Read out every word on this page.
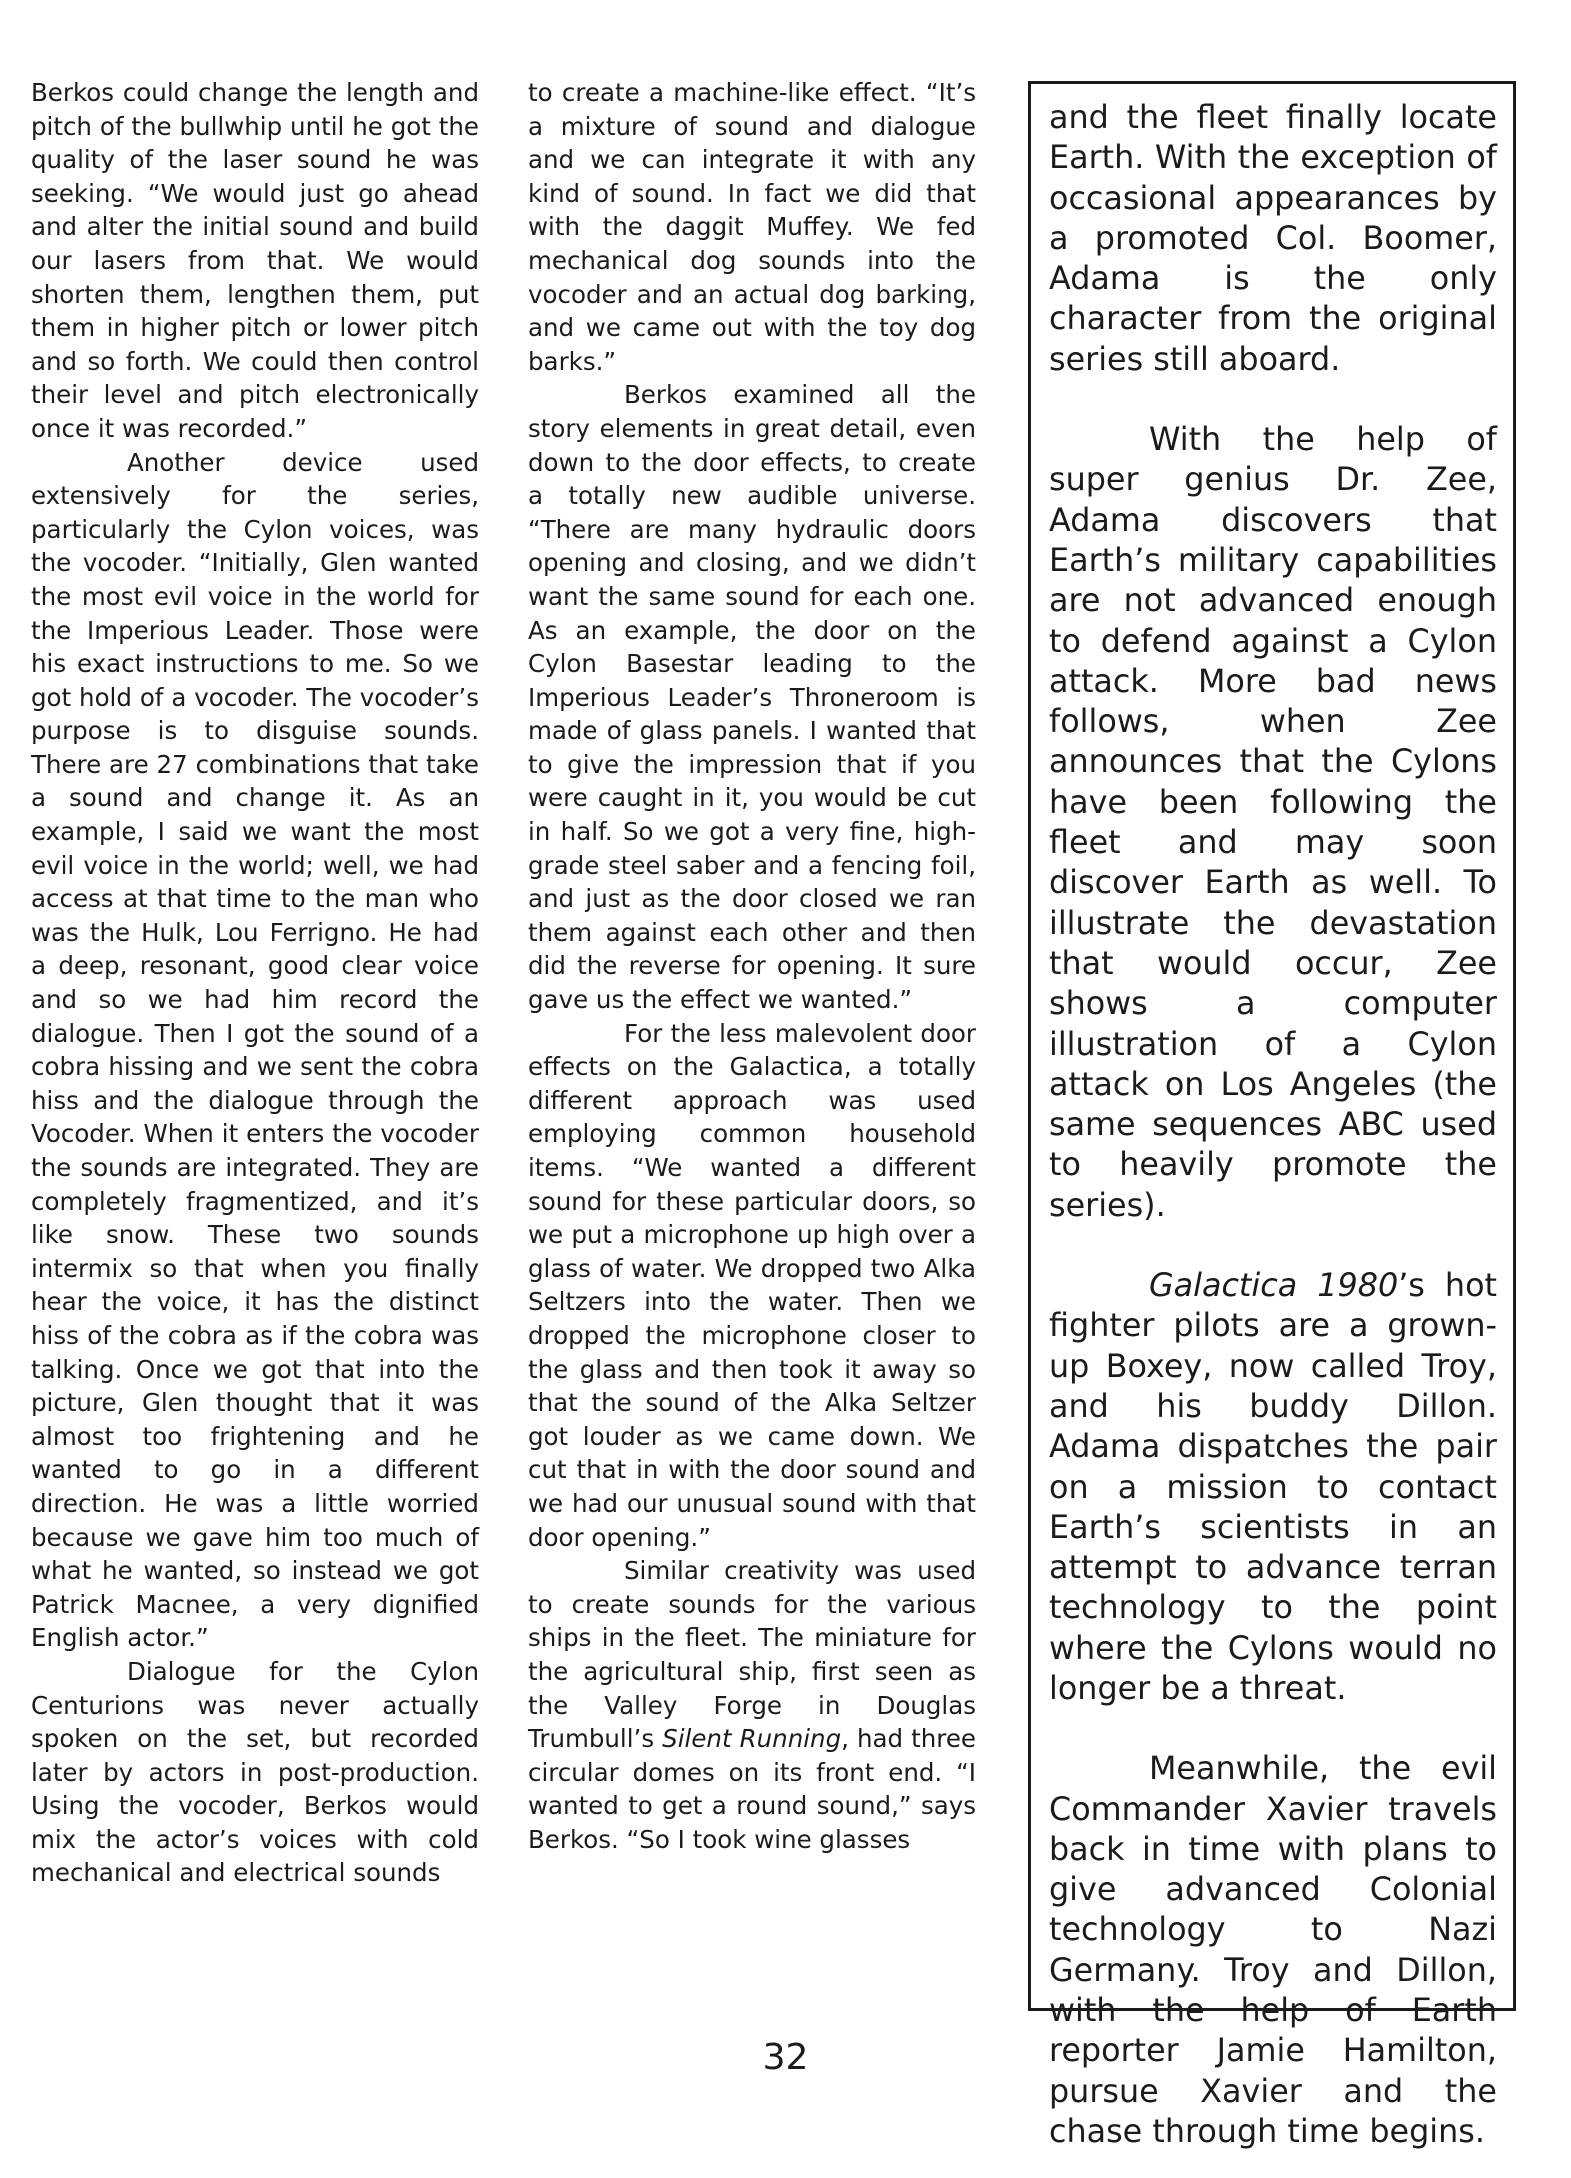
Berkos could change the length and pitch of the bullwhip until he got the quality of the laser sound he was seeking. “We would just go ahead and alter the initial sound and build our lasers from that. We would shorten them, lengthen them, put them in higher pitch or lower pitch and so forth. We could then control their level and pitch electronically once it was recorded.”

Another device used extensively for the series, particularly the Cylon voices, was the vocoder. “Initially, Glen wanted the most evil voice in the world for the Imperious Leader. Those were his exact instructions to me. So we got hold of a vocoder. The vocoder’s purpose is to disguise sounds. There are 27 combinations that take a sound and change it. As an example, I said we want the most evil voice in the world; well, we had access at that time to the man who was the Hulk, Lou Ferrigno. He had a deep, resonant, good clear voice and so we had him record the dialogue. Then I got the sound of a cobra hissing and we sent the cobra hiss and the dialogue through the Vocoder. When it enters the vocoder the sounds are integrated. They are completely fragmentized, and it’s like snow. These two sounds intermix so that when you finally hear the voice, it has the distinct hiss of the cobra as if the cobra was talking. Once we got that into the picture, Glen thought that it was almost too frightening and he wanted to go in a different direction. He was a little worried because we gave him too much of what he wanted, so instead we got Patrick Macnee, a very dignified English actor.”

Dialogue for the Cylon Centurions was never actually spoken on the set, but recorded later by actors in post-production. Using the vocoder, Berkos would mix the actor’s voices with cold mechanical and electrical sounds

to create a machine-like effect. “It’s a mixture of sound and dialogue and we can integrate it with any kind of sound. In fact we did that with the daggit Muffey. We fed mechanical dog sounds into the vocoder and an actual dog barking, and we came out with the toy dog barks.”

Berkos examined all the story elements in great detail, even down to the door effects, to create a totally new audible universe. “There are many hydraulic doors opening and closing, and we didn’t want the same sound for each one. As an example, the door on the Cylon Basestar leading to the Imperious Leader’s Throneroom is made of glass panels. I wanted that to give the impression that if you were caught in it, you would be cut in half. So we got a very fine, high-grade steel saber and a fencing foil, and just as the door closed we ran them against each other and then did the reverse for opening. It sure gave us the effect we wanted.”

For the less malevolent door effects on the Galactica, a totally different approach was used employing common household items. “We wanted a different sound for these particular doors, so we put a microphone up high over a glass of water. We dropped two Alka Seltzers into the water. Then we dropped the microphone closer to the glass and then took it away so that the sound of the Alka Seltzer got louder as we came down. We cut that in with the door sound and we had our unusual sound with that door opening.”

Similar creativity was used to create sounds for the various ships in the fleet. The miniature for the agricultural ship, first seen as the Valley Forge in Douglas Trumbull’s Silent Running, had three circular domes on its front end. “I wanted to get a round sound,” says Berkos. “So I took wine glasses

and the fleet finally locate Earth. With the exception of occasional appearances by a promoted Col. Boomer, Adama is the only character from the original series still aboard.

With the help of super genius Dr. Zee, Adama discovers that Earth’s military capabilities are not advanced enough to defend against a Cylon attack. More bad news follows, when Zee announces that the Cylons have been following the fleet and may soon discover Earth as well. To illustrate the devastation that would occur, Zee shows a computer illustration of a Cylon attack on Los Angeles (the same sequences ABC used to heavily promote the series).

Galactica 1980’s hot fighter pilots are a grown-up Boxey, now called Troy, and his buddy Dillon. Adama dispatches the pair on a mission to contact Earth’s scientists in an attempt to advance terran technology to the point where the Cylons would no longer be a threat.

Meanwhile, the evil Commander Xavier travels back in time with plans to give advanced Colonial technology to Nazi Germany. Troy and Dillon, with the help of Earth reporter Jamie Hamilton, pursue Xavier and the chase through time begins.

32
